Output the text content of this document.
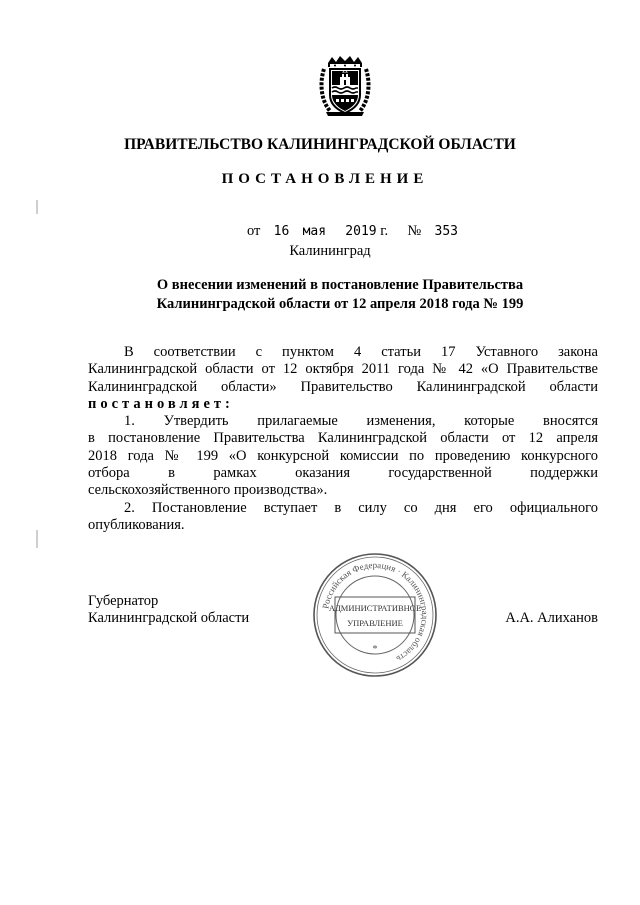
ПРАВИТЕЛЬСТВО КАЛИНИНГРАДСКОЙ ОБЛАСТИ
ПОСТАНОВЛЕНИЕ
от 16 мая 2019 г. № 353
Калининград
О внесении изменений в постановление Правительства
Калининградской области от 12 апреля 2018 года № 199
В соответствии с пунктом 4 статьи 17 Уставного закона
Калининградской области от 12 октября 2011 года № 42 «О Правительстве
Калининградской области» Правительство Калининградской области
постановляет:
1. Утвердить прилагаемые изменения, которые вносятся
в постановление Правительства Калининградской области от 12 апреля
2018 года № 199 «О конкурсной комиссии по проведению конкурсного
отбора в рамках оказания государственной поддержки
сельскохозяйственного производства».
2. Постановление вступает в силу со дня его официального
опубликования.
Губернатор
Калининградской области
Российская Федерация · Калининградская область
АДМИНИСТРАТИВНОЕ
УПРАВЛЕНИЕ
*
А.А. Алиханов
